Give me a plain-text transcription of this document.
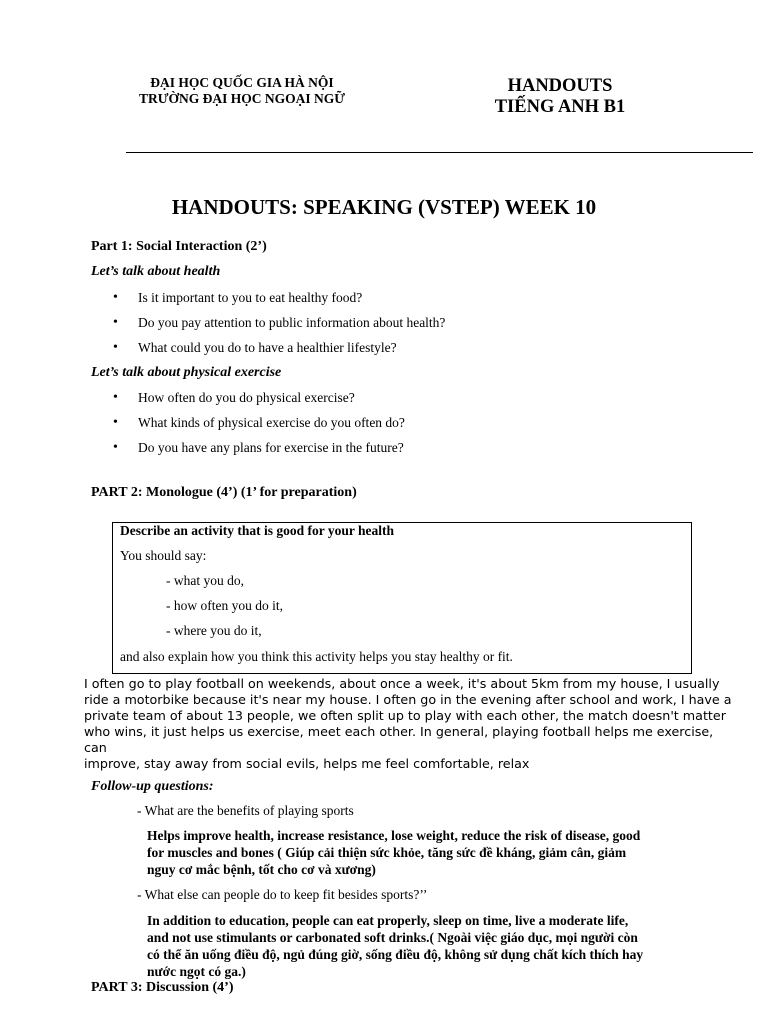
ĐẠI HỌC QUỐC GIA HÀ NỘI
TRƯỜNG ĐẠI HỌC NGOẠI NGỮ
HANDOUTS
TIẾNG ANH B1
HANDOUTS: SPEAKING (VSTEP) WEEK 10
Part 1: Social Interaction (2’)
Let’s talk about health
•	Is it important to you to eat healthy food?
•	Do you pay attention to public information about health?
•	What could you do to have a healthier lifestyle?
Let’s talk about physical exercise
•	How often do you do physical exercise?
•	What kinds of physical exercise do you often do?
•	Do you have any plans for exercise in the future?
PART 2: Monologue (4’) (1’ for preparation)
Describe an activity that is good for your health
You should say:
- what you do,
- how often you do it,
- where you do it,
and also explain how you think this activity helps you stay healthy or fit.
I often go to play football on weekends, about once a week, it's about 5km from my house, I usually
ride a motorbike because it's near my house. I often go in the evening after school and work, I have a
private team of about 13 people, we often split up to play with each other, the match doesn't matter
who wins, it just helps us exercise, meet each other. In general, playing football helps me exercise, can
improve, stay away from social evils, helps me feel comfortable, relax
Follow-up questions:
- What are the benefits of playing sports
Helps improve health, increase resistance, lose weight, reduce the risk of disease, good
for muscles and bones ( Giúp cải thiện sức khỏe, tăng sức đề kháng, giảm cân, giảm
nguy cơ mắc bệnh, tốt cho cơ và xương)
- What else can people do to keep fit besides sports?’’
In addition to education, people can eat properly, sleep on time, live a moderate life,
and not use stimulants or carbonated soft drinks.( Ngoài việc giáo dục, mọi người còn
có thể ăn uống điều độ, ngủ đúng giờ, sống điều độ, không sử dụng chất kích thích hay
nước ngọt có ga.)
PART 3: Discussion (4’)
